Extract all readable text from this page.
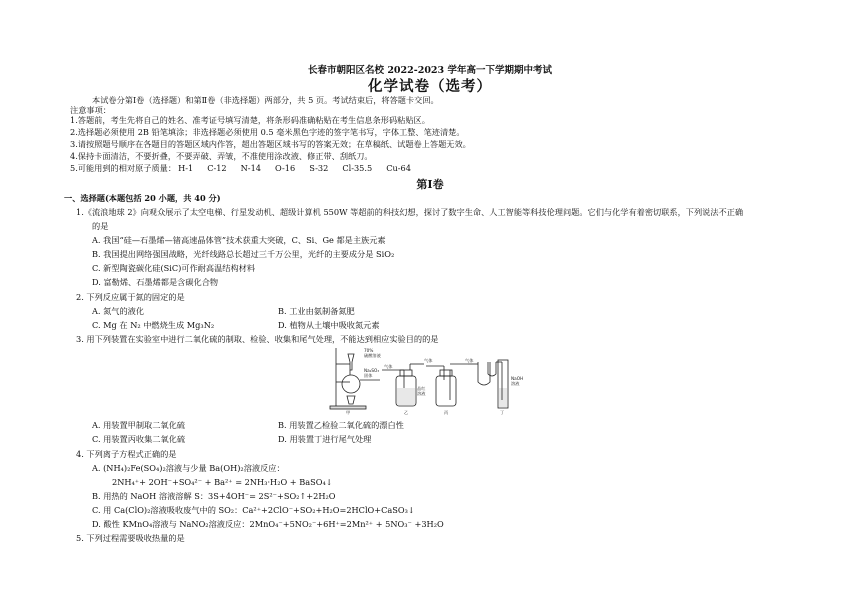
长春市朝阳区名校 2022-2023 学年高一下学期期中考试
化学试卷（选考）
本试卷分第Ⅰ卷（选择题）和第Ⅱ卷（非选择题）两部分，共 5 页。考试结束后，将答题卡交回。
注意事项：
1.答题前，考生先将自己的姓名、准考证号填写清楚，将条形码准确粘贴在考生信息条形码粘贴区。
2.选择题必须使用 2B 铅笔填涂；非选择题必须使用 0.5 毫米黑色字迹的签字笔书写，字体工整、笔迹清楚。
3.请按照题号顺序在各题目的答题区域内作答，超出答题区域书写的答案无效；在草稿纸、试题卷上答题无效。
4.保持卡面清洁，不要折叠，不要弄破、弄皱，不准使用涂改液、修正带、刮纸刀。
5.可能用到的相对原子质量： H-1 C-12 N-14 O-16 S-32 Cl-35.5 Cu-64
第Ⅰ卷
一、选择题(本题包括 20 小题，共 40 分)
1.《流浪地球 2》向观众展示了太空电梯、行星发动机、超级计算机 550W 等超前的科技幻想，探讨了数字生命、人工智能等科技伦理问题。它们与化学有着密切联系，下列说法不正确
的是
A. 我国“硅—石墨烯—锗高速晶体管”技术获重大突破，C、Si、Ge 都是主族元素
B. 我国提出网络强国战略，光纤线路总长超过三千万公里，光纤的主要成分是 SiO₂
C. 新型陶瓷碳化硅(SiC)可作耐高温结构材料
D. 富勒烯、石墨烯都是含碳化合物
2. 下列反应属于氮的固定的是
A. 氮气的液化	B. 工业由氨制备氮肥
C. Mg 在 N₂ 中燃烧生成 Mg₃N₂	D. 植物从土壤中吸收氮元素
3. 用下列装置在实验室中进行二氧化硫的制取、检验、收集和尾气处理，不能达到相应实验目的的是
70%硫酸溶液
Na₂SO₃ 固体
气体
气体	气体
品红溶液
NaOH 溶液
甲	乙	丙	丁
A. 用装置甲制取二氧化硫	B. 用装置乙检验二氧化硫的漂白性
C. 用装置丙收集二氧化硫	D. 用装置丁进行尾气处理
4. 下列离子方程式正确的是
A. (NH₄)₂Fe(SO₄)₂溶液与少量 Ba(OH)₂溶液反应：
2NH₄⁺+ 2OH⁻+SO₄²⁻ + Ba²⁺ = 2NH₃·H₂O + BaSO₄↓
B. 用热的 NaOH 溶液溶解 S：3S+4OH⁻= 2S²⁻+SO₂↑+2H₂O
C. 用 Ca(ClO)₂溶液吸收废气中的 SO₂：Ca²⁺+2ClO⁻+SO₂+H₂O=2HClO+CaSO₃↓
D. 酸性 KMnO₄溶液与 NaNO₂溶液反应：2MnO₄⁻+5NO₂⁻+6H⁺=2Mn²⁺ + 5NO₃⁻ +3H₂O
5. 下列过程需要吸收热量的是
